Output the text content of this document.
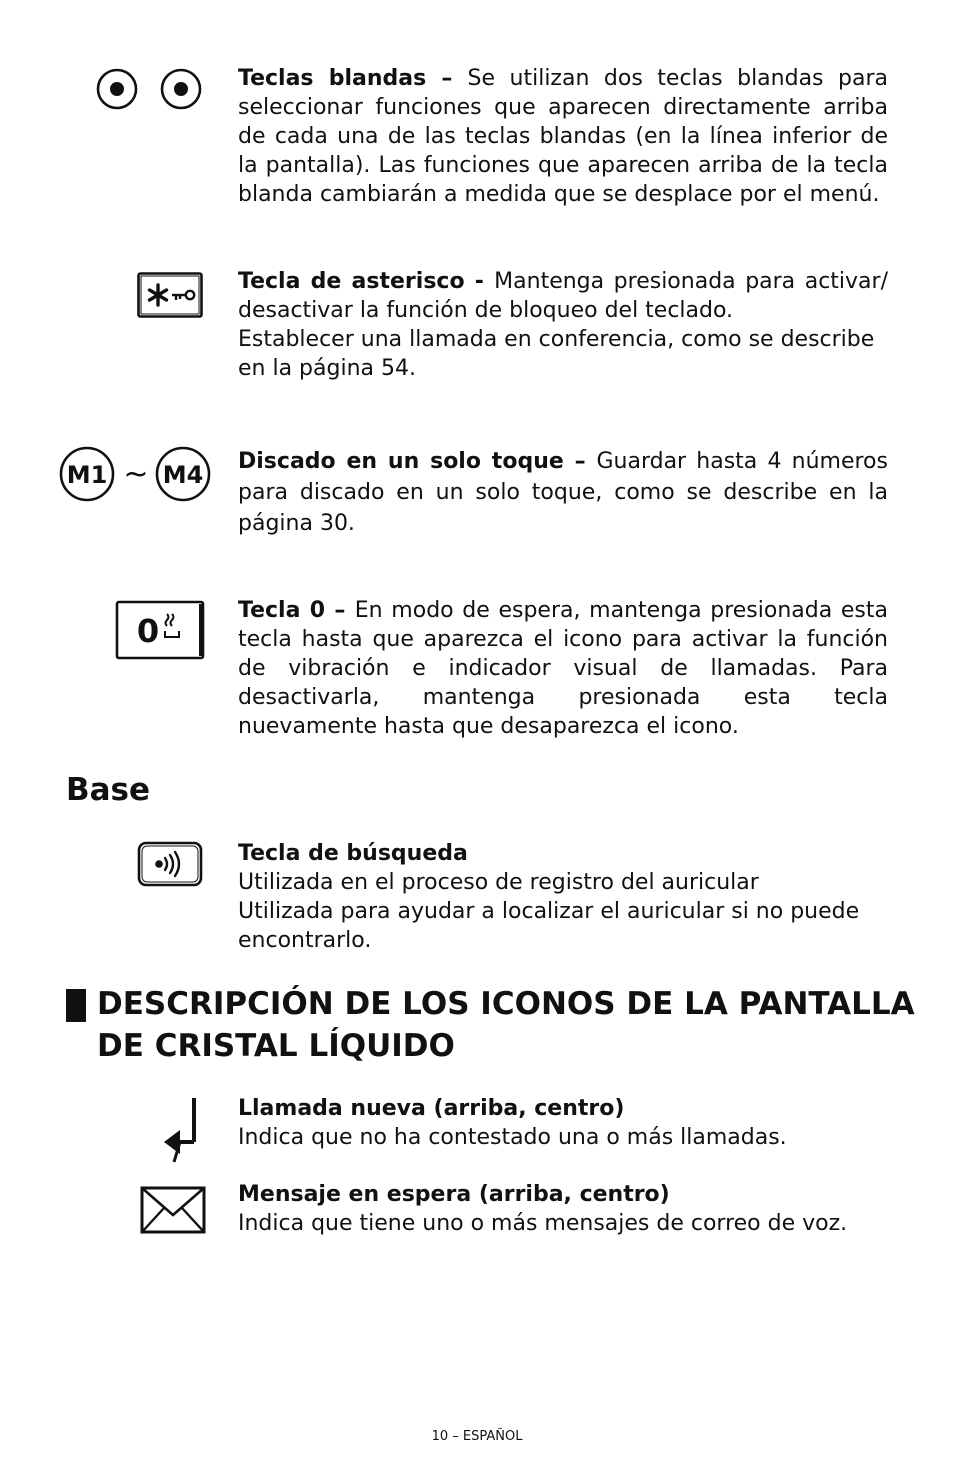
Teclas blandas – Se utilizan dos teclas blandas para seleccionar funciones que aparecen directamente arriba de cada una de las teclas blandas (en la línea inferior de la pantalla). Las funciones que aparecen arriba de la tecla blanda cambiarán a medida que se desplace por el menú.
Tecla de asterisco - Mantenga presionada para activar/ desactivar la función de bloqueo del teclado.
Establecer una llamada en conferencia, como se describe en la página 54.
M1 ~ M4 Discado en un solo toque – Guardar hasta 4 números para discado en un solo toque, como se describe en la página 30.
0
Tecla 0 – En modo de espera, mantenga presionada esta tecla hasta que aparezca el icono para activar la función de vibración e indicador visual de llamadas. Para desactivarla, mantenga presionada esta tecla nuevamente hasta que desaparezca el icono.
Base
Tecla de búsqueda
Utilizada en el proceso de registro del auricular
Utilizada para ayudar a localizar el auricular si no puede encontrarlo.
DESCRIPCIÓN DE LOS ICONOS DE LA PANTALLA DE CRISTAL LÍQUIDO
Llamada nueva (arriba, centro)
Indica que no ha contestado una o más llamadas.
Mensaje en espera (arriba, centro)
Indica que tiene uno o más mensajes de correo de voz.
10 – ESPAÑOL
